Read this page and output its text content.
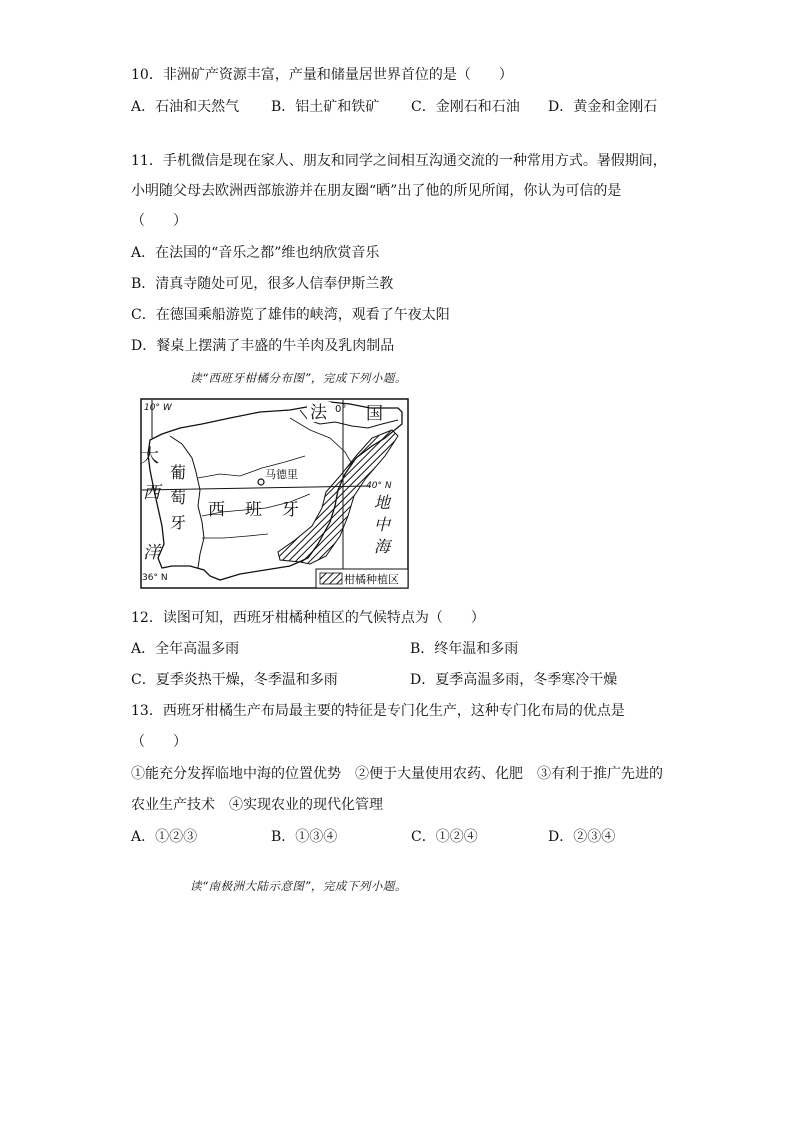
10．非洲矿产资源丰富，产量和储量居世界首位的是（　　）
A．石油和天然气 B．铝土矿和铁矿 C．金刚石和石油 D．黄金和金刚石
11．手机微信是现在家人、朋友和同学之间相互沟通交流的一种常用方式。暑假期间，
小明随父母去欧洲西部旅游并在朋友圈“晒”出了他的所见所闻，你认为可信的是
（　　）
A．在法国的“音乐之都”维也纳欣赏音乐
B．清真寺随处可见，很多人信奉伊斯兰教
C．在德国乘船游览了雄伟的峡湾，观看了午夜太阳
D．餐桌上摆满了丰盛的牛羊肉及乳肉制品
读“西班牙柑橘分布图”，完成下列小题。
10° W	0°
40° N
36° N
法 国
大
西
洋
葡
萄
牙
西 班 牙
马德里
地
中
海
柑橘种植区
12．读图可知，西班牙柑橘种植区的气候特点为（　　）
A．全年高温多雨	B．终年温和多雨
C．夏季炎热干燥，冬季温和多雨	D．夏季高温多雨，冬季寒冷干燥
13．西班牙柑橘生产布局最主要的特征是专门化生产，这种专门化布局的优点是
（　　）
①能充分发挥临地中海的位置优势　②便于大量使用农药、化肥　③有利于推广先进的
农业生产技术　④实现农业的现代化管理
A．①②③	B．①③④	C．①②④	D．②③④
读“南极洲大陆示意图”，完成下列小题。
